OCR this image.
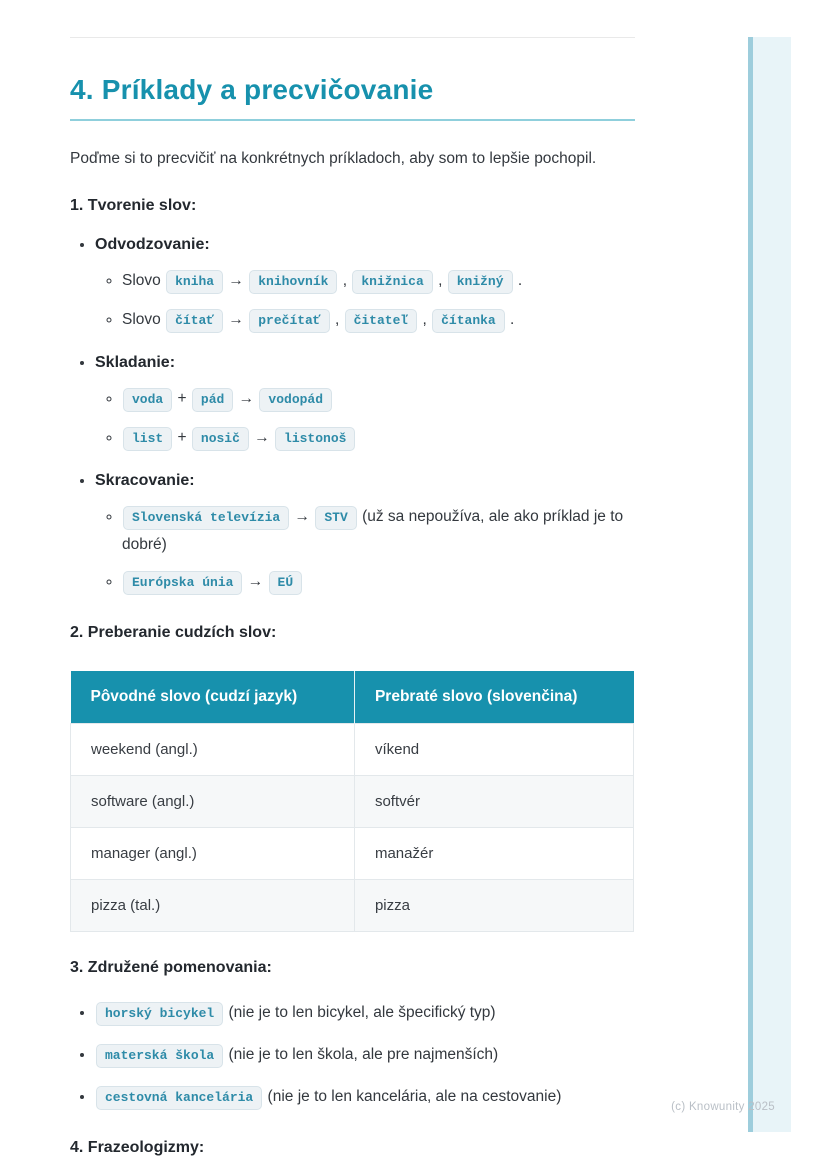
4. Príklady a precvičovanie

Poďme si to precvičiť na konkrétnych príkladoch, aby som to lepšie pochopil.

1. Tvorenie slov:

• Odvodzovanie:
◦ Slovo kniha → knihovník , knižnica , knižný .
◦ Slovo čítať → prečítať , čitateľ , čítanka .
• Skladanie:
◦ voda + pád → vodopád
◦ list + nosič → listonoš
• Skracovanie:
◦ Slovenská televízia → STV (už sa nepoužíva, ale ako príklad je to dobré)
◦ Európska únia → EÚ

2. Preberanie cudzích slov:

Pôvodné slovo (cudzí jazyk)	Prebraté slovo (slovenčina)
weekend (angl.)	víkend
software (angl.)	softvér
manager (angl.)	manažér
pizza (tal.)	pizza

3. Združené pomenovania:

• horský bicykel (nie je to len bicykel, ale špecifický typ)
• materská škola (nie je to len škola, ale pre najmenších)
• cestovná kancelária (nie je to len kancelária, ale na cestovanie)

4. Frazeologizmy:

(c) Knowunity 2025
